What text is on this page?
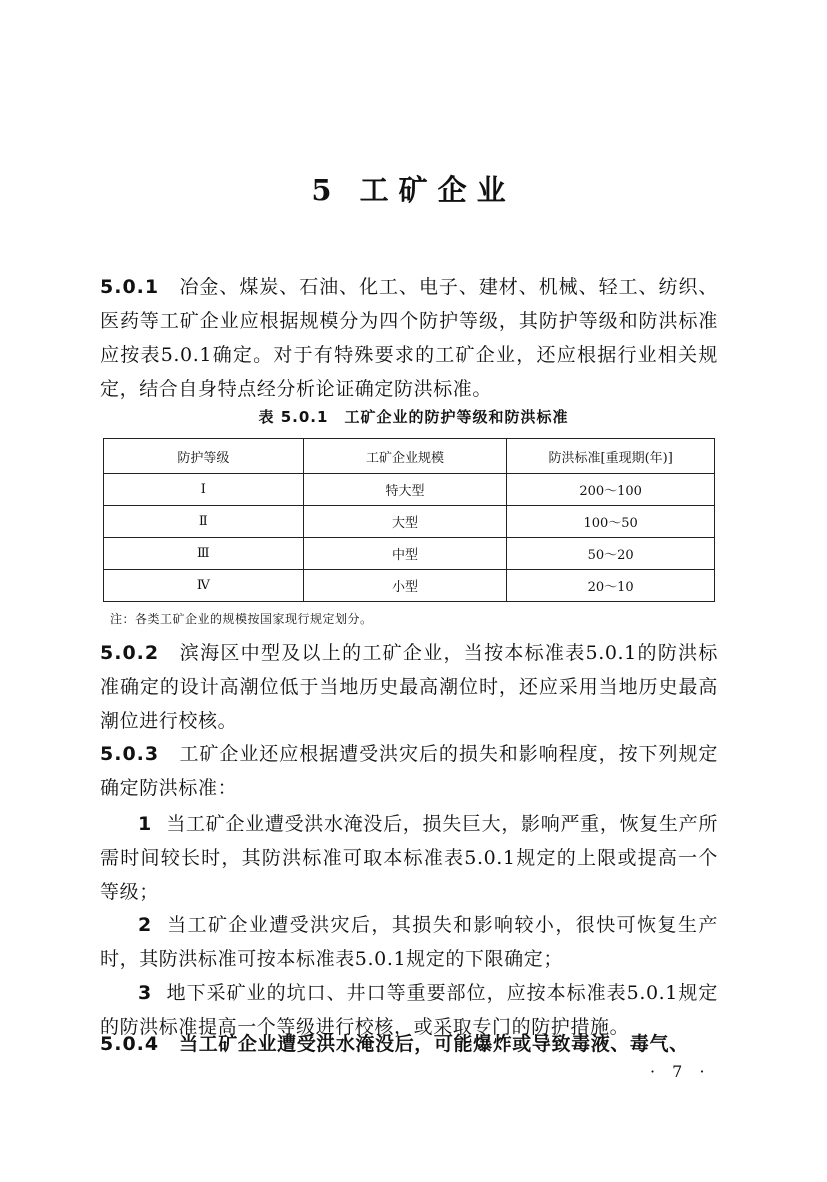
5 工矿企业
5.0.1 冶金、煤炭、石油、化工、电子、建材、机械、轻工、纺织、医药等工矿企业应根据规模分为四个防护等级，其防护等级和防洪标准应按表5.0.1确定。对于有特殊要求的工矿企业，还应根据行业相关规定，结合自身特点经分析论证确定防洪标准。
表 5.0.1 工矿企业的防护等级和防洪标准
防护等级	工矿企业规模	防洪标准[重现期(年)]
Ⅰ	特大型	200～100
Ⅱ	大型	100～50
Ⅲ	中型	50～20
Ⅳ	小型	20～10
注：各类工矿企业的规模按国家现行规定划分。
5.0.2 滨海区中型及以上的工矿企业，当按本标准表5.0.1的防洪标准确定的设计高潮位低于当地历史最高潮位时，还应采用当地历史最高潮位进行校核。
5.0.3 工矿企业还应根据遭受洪灾后的损失和影响程度，按下列规定确定防洪标准：
1 当工矿企业遭受洪水淹没后，损失巨大，影响严重，恢复生产所需时间较长时，其防洪标准可取本标准表5.0.1规定的上限或提高一个等级；
2 当工矿企业遭受洪灾后，其损失和影响较小，很快可恢复生产时，其防洪标准可按本标准表5.0.1规定的下限确定；
3 地下采矿业的坑口、井口等重要部位，应按本标准表5.0.1规定的防洪标准提高一个等级进行校核，或采取专门的防护措施。
5.0.4 当工矿企业遭受洪水淹没后，可能爆炸或导致毒液、毒气、
· 7 ·
